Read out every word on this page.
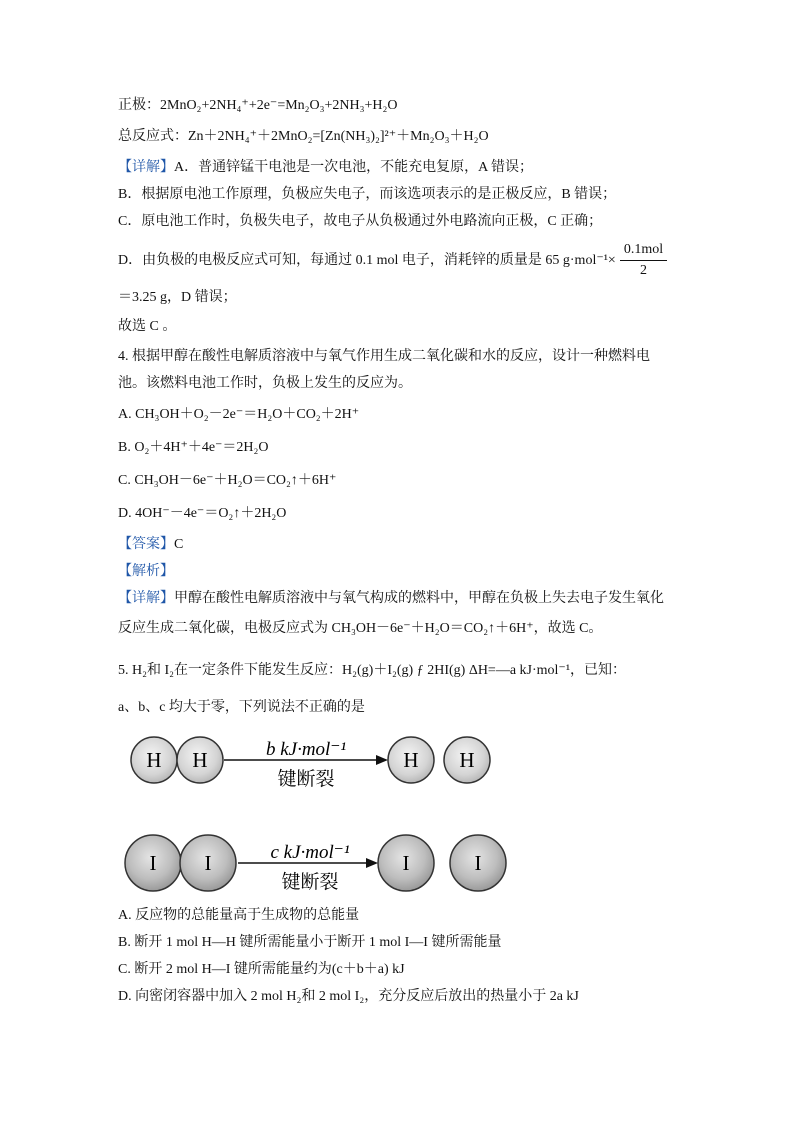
正极：2MnO₂+2NH₄⁺+2e⁻=Mn₂O₃+2NH₃+H₂O
总反应式：Zn＋2NH₄⁺＋2MnO₂=[Zn(NH₃)₂]²⁺＋Mn₂O₃＋H₂O
【详解】A．普通锌锰干电池是一次电池，不能充电复原，A 错误；
B．根据原电池工作原理，负极应失电子，而该选项表示的是正极反应，B 错误；
C．原电池工作时，负极失电子，故电子从负极通过外电路流向正极，C 正确；
D．由负极的电极反应式可知，每通过 0.1 mol 电子，消耗锌的质量是 65 $g\cdot mol^{-1}\times \frac{\text{0.1mol}}{2}$
＝3.25 g，D 错误；
故选 C 。
4. 根据甲醇在酸性电解质溶液中与氧气作用生成二氧化碳和水的反应，设计一种燃料电
池。该燃料电池工作时，负极上发生的反应为。
A. CH₃OH＋O₂－2e⁻＝H₂O＋CO₂＋2H⁺
B. O₂＋4H⁺＋4e⁻＝2H₂O
C. CH₃OH－6e⁻＋H₂O＝CO₂↑＋6H⁺
D. 4OH⁻－4e⁻＝O₂↑＋2H₂O
【答案】C
【解析】
【详解】甲醇在酸性电解质溶液中与氧气构成的燃料中，甲醇在负极上失去电子发生氧化
反应生成二氧化碳，电极反应式为 CH₃OH－6e⁻＋H₂O＝CO₂↑＋6H⁺，故选 C。
5. H₂和 I₂在一定条件下能发生反应：H₂(g)＋I₂(g) ƒ 2HI(g) ΔH=—a kJ·mol⁻¹，已知：
a、b、c 均大于零，下列说法不正确的是
H H	b kJ·mol⁻¹
键断裂
H H
I I	c kJ·mol⁻¹
键断裂
I	I
A. 反应物的总能量高于生成物的总能量
B. 断开 1 mol H—H 键所需能量小于断开 1 mol I—I 键所需能量
C. 断开 2 mol H—I 键所需能量约为(c＋b＋a) kJ
D. 向密闭容器中加入 2 mol H₂和 2 mol I₂，充分反应后放出的热量小于 2a kJ
